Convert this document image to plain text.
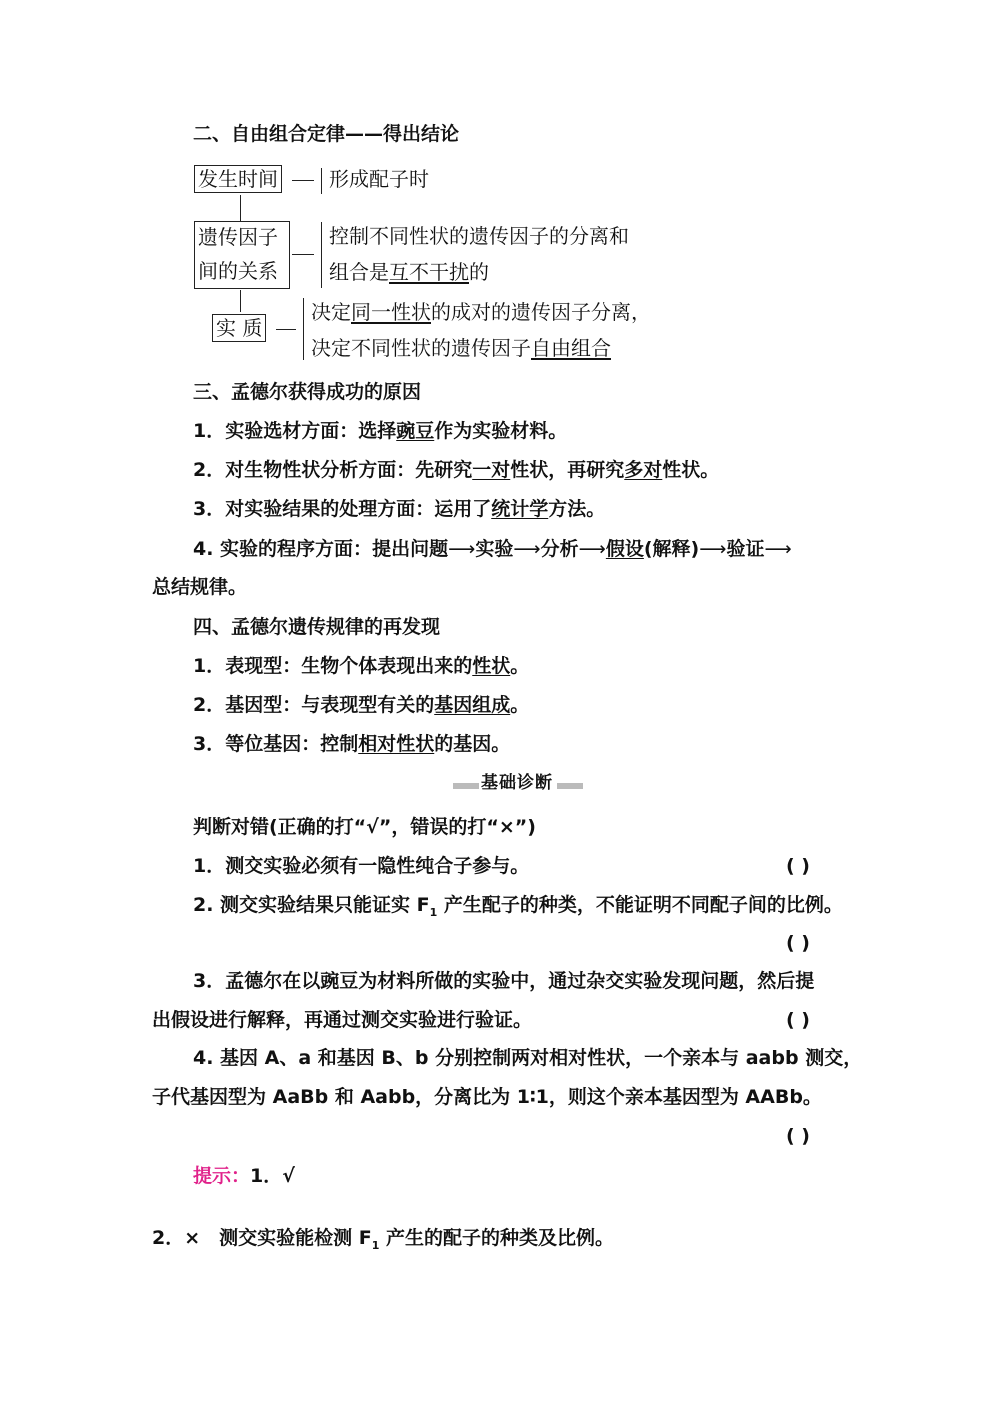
二、自由组合定律——得出结论
发生时间	形成配子时
遗传因子
间的关系
控制不同性状的遗传因子的分离和
组合是互不干扰的
实 质
决定同一性状的成对的遗传因子分离，
决定不同性状的遗传因子自由组合
三、孟德尔获得成功的原因
1．实验选材方面：选择豌豆作为实验材料。
2．对生物性状分析方面：先研究一对性状，再研究多对性状。
3．对实验结果的处理方面：运用了统计学方法。
4. 实验的程序方面：提出问题⟶实验⟶分析⟶假设(解释)⟶验证⟶
总结规律。
四、孟德尔遗传规律的再发现
1．表现型：生物个体表现出来的性状。
2．基因型：与表现型有关的基因组成。
3．等位基因：控制相对性状的基因。
基础诊断
判断对错(正确的打“√”，错误的打“×”)
1．测交实验必须有一隐性纯合子参与。	( )
2. 测交实验结果只能证实 $F_1$ 产生配子的种类，不能证明不同配子间的比例。
( )
3．孟德尔在以豌豆为材料所做的实验中，通过杂交实验发现问题，然后提
出假设进行解释，再通过测交实验进行验证。	( )
4. 基因 A、a 和基因 B、b 分别控制两对相对性状，一个亲本与 aabb 测交，
子代基因型为 AaBb 和 Aabb，分离比为 1∶1，则这个亲本基因型为 AABb。
( )
提示：1．√
2．×　测交实验能检测 $F_1$ 产生的配子的种类及比例。
